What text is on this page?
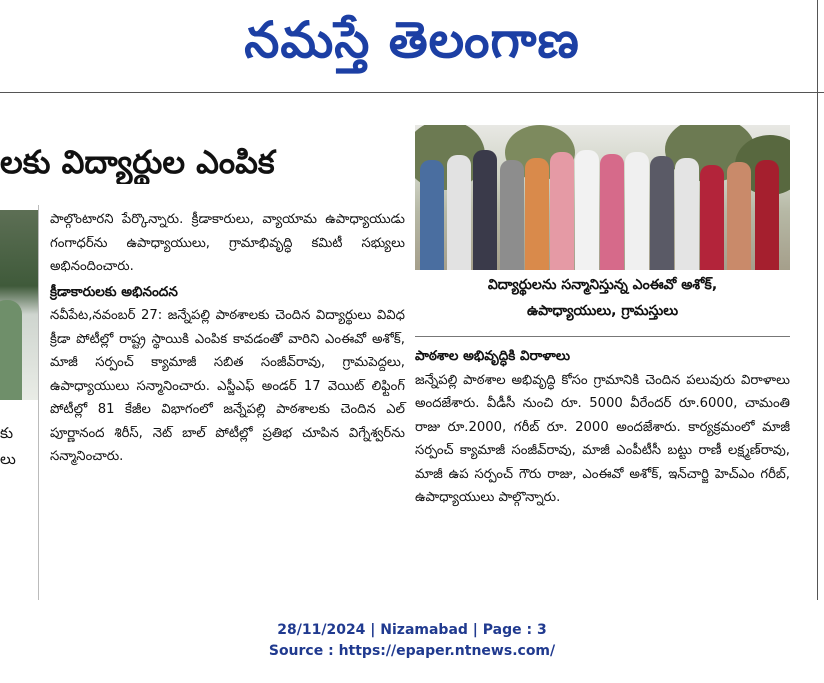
నమస్తే తెలంగాణ
లకు విద్యార్థుల ఎంపిక
కు
లు

పాల్గొంటారని పేర్కొన్నారు. క్రీడాకారులు, వ్యాయామ ఉపాధ్యాయుడు గంగాధర్‌ను ఉపాధ్యాయులు, గ్రామాభివృద్ధి కమిటీ సభ్యులు అభినందించారు.

క్రీడాకారులకు అభినందన

నవీపేట,నవంబర్ 27: జన్నేపల్లి పాఠశాలకు చెందిన విద్యార్థులు వివిధ క్రీడా పోటీల్లో రాష్ట్ర స్థాయికి ఎంపిక కావడంతో వారిని ఎంఈవో అశోక్, మాజీ సర్పంచ్ క్యామాజీ సబిత సంజీవ్‌రావు, గ్రామపెద్దలు, ఉపాధ్యాయులు సన్మానించారు. ఎస్జీఎఫ్ అండర్ 17 వెయిట్ లిఫ్టింగ్ పోటీల్లో 81 కేజీల విభాగంలో జన్నేపల్లి పాఠశాలకు చెందిన ఎల్ పూర్ణానంద శిరీస్, నెట్ బాల్ పోటీల్లో ప్రతిభ చూపిన విగ్నేశ్వర్‌ను సన్మానించారు.

విద్యార్థులను సన్మానిస్తున్న ఎంఈవో అశోక్,
ఉపాధ్యాయులు, గ్రామస్తులు
పాఠశాల అభివృద్ధికి విరాళాలు

జన్నేపల్లి పాఠశాల అభివృద్ధి కోసం గ్రామానికి చెందిన పలువురు విరాళాలు అందజేశారు. వీడీసీ నుంచి రూ. 5000 వీరేందర్ రూ.6000, చామంతి రాజు రూ.2000, గరీబ్ రూ. 2000 అందజేశారు. కార్యక్రమంలో మాజీ సర్పంచ్ క్యామాజీ సంజీవ్‌రావు, మాజీ ఎంపీటీసీ బట్టు రాణీ లక్ష్మణ్‌రావు, మాజీ ఉప సర్పంచ్ గౌరు రాజు, ఎంఈవో అశోక్, ఇన్‌చార్జి హెచ్‌ఎం గరీబ్, ఉపాధ్యాయులు పాల్గొన్నారు.

28/11/2024 | Nizamabad | Page : 3
Source : https://epaper.ntnews.com/
